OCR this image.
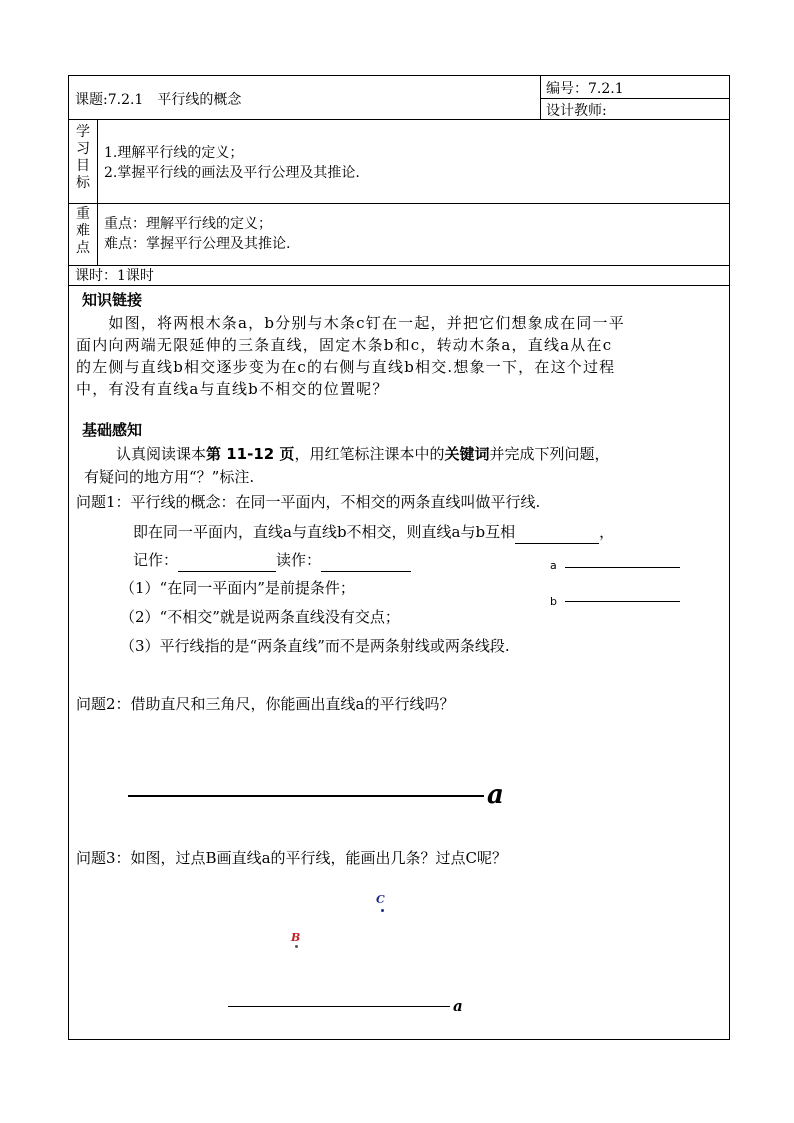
课题:7.2.1　平行线的概念
编号：7.2.1
设计教师:
学
习
目
标
1.理解平行线的定义；
2.掌握平行线的画法及平行公理及其推论.
重
难
点
重点：理解平行线的定义；
难点：掌握平行公理及其推论.
课时：1课时
知识链接
　　如图，将两根木条a，b分别与木条c钉在一起，并把它们想象成在同一平
面内向两端无限延伸的三条直线，固定木条b和c，转动木条a，直线a从在c
的左侧与直线b相交逐步变为在c的右侧与直线b相交.想象一下，在这个过程
中，有没有直线a与直线b不相交的位置呢？
基础感知
认真阅读课本第 11-12 页，用红笔标注课本中的关键词并完成下列问题，
有疑问的地方用“？”标注.
问题1：平行线的概念：在同一平面内，不相交的两条直线叫做平行线.
即在同一平面内，直线a与直线b不相交，则直线a与b互相	，
记作：	读作：
（1）“在同一平面内”是前提条件；
（2）“不相交”就是说两条直线没有交点；
（3）平行线指的是“两条直线”而不是两条射线或两条线段.
a
b
问题2：借助直尺和三角尺，你能画出直线a的平行线吗？
a
问题3：如图，过点B画直线a的平行线，能画出几条？过点C呢？
C
B
a
